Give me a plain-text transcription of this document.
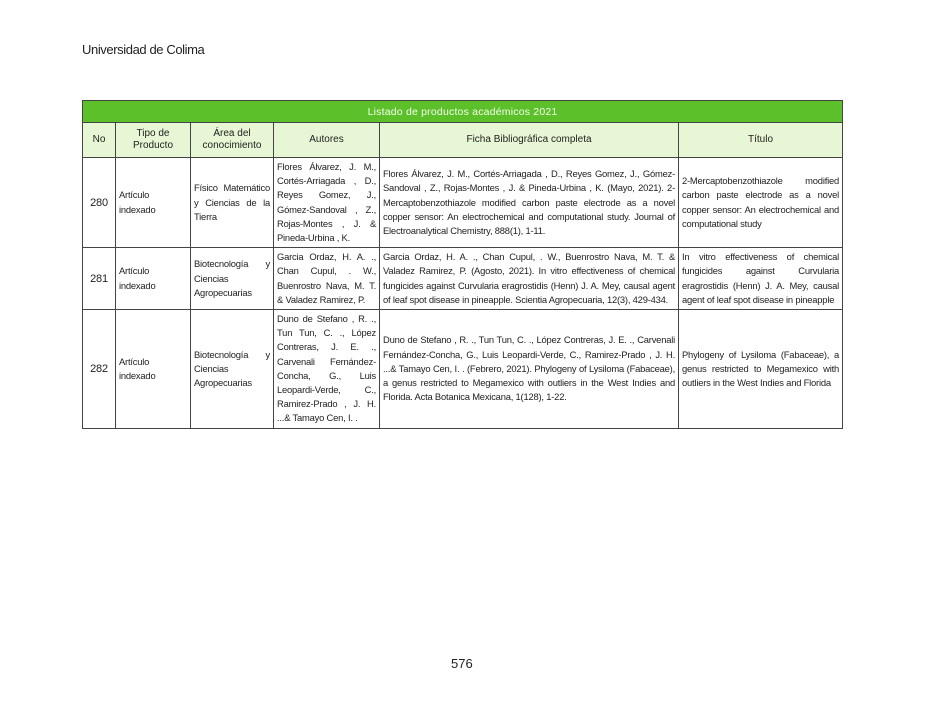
Universidad de Colima
Listado de productos académicos 2021					
No	Tipo de Producto	Área del conocimiento	Autores	Ficha Bibliográfica completa	Título
280	Artículo indexado	Físico Matemático y Ciencias de la Tierra	Flores Álvarez, J. M., Cortés-Arriagada , D., Reyes Gomez, J., Gómez-Sandoval , Z., Rojas-Montes , J. & Pineda-Urbina , K.	Flores Álvarez, J. M., Cortés-Arriagada , D., Reyes Gomez, J., Gómez-Sandoval , Z., Rojas-Montes , J. & Pineda-Urbina , K. (Mayo, 2021). 2-Mercaptobenzothiazole modified carbon paste electrode as a novel copper sensor: An electrochemical and computational study. Journal of Electroanalytical Chemistry, 888(1), 1-11.	2-Mercaptobenzothiazole modified carbon paste electrode as a novel copper sensor: An electrochemical and computational study
281	Artículo indexado	Biotecnología y Ciencias Agropecuarias	Garcia Ordaz, H. A. ., Chan Cupul, . W., Buenrostro Nava, M. T. & Valadez Ramirez, P.	Garcia Ordaz, H. A. ., Chan Cupul, . W., Buenrostro Nava, M. T. & Valadez Ramirez, P. (Agosto, 2021). In vitro effectiveness of chemical fungicides against Curvularia eragrostidis (Henn) J. A. Mey, causal agent of leaf spot disease in pineapple. Scientia Agropecuaria, 12(3), 429-434.	In vitro effectiveness of chemical fungicides against Curvularia eragrostidis (Henn) J. A. Mey, causal agent of leaf spot disease in pineapple
282	Artículo indexado	Biotecnología y Ciencias Agropecuarias	Duno de Stefano , R. ., Tun Tun, C. ., López Contreras, J. E. ., Carvenali Fernández-Concha, G., Luis Leopardi-Verde, C., Ramirez-Prado , J. H. ...& Tamayo Cen, I. .	Duno de Stefano , R. ., Tun Tun, C. ., López Contreras, J. E. ., Carvenali Fernández-Concha, G., Luis Leopardi-Verde, C., Ramirez-Prado , J. H. ...& Tamayo Cen, I. . (Febrero, 2021). Phylogeny of Lysiloma (Fabaceae), a genus restricted to Megamexico with outliers in the West Indies and Florida. Acta Botanica Mexicana, 1(128), 1-22.	Phylogeny of Lysiloma (Fabaceae), a genus restricted to Megamexico with outliers in the West Indies and Florida
576
